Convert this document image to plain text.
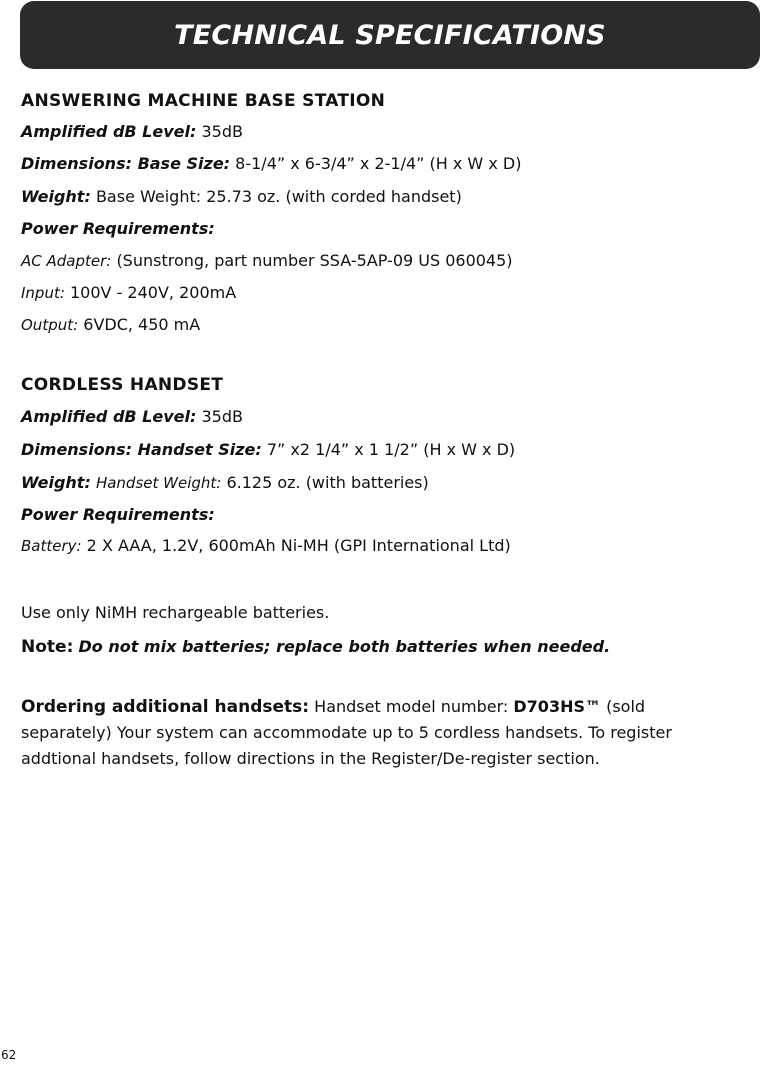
TECHNICAL SPECIFICATIONS
ANSWERING MACHINE BASE STATION
Amplified dB Level: 35dB
Dimensions: Base Size: 8-1/4” x 6-3/4” x 2-1/4” (H x W x D)
Weight: Base Weight: 25.73 oz. (with corded handset)
Power Requirements:
AC Adapter: (Sunstrong, part number SSA-5AP-09 US 060045)
Input: 100V - 240V, 200mA
Output: 6VDC, 450 mA
CORDLESS HANDSET
Amplified dB Level: 35dB
Dimensions: Handset Size: 7” x2 1/4” x 1 1/2” (H x W x D)
Weight: Handset Weight: 6.125 oz. (with batteries)
Power Requirements:
Battery: 2 X AAA, 1.2V, 600mAh Ni-MH (GPI International Ltd)
Use only NiMH rechargeable batteries.
Note: Do not mix batteries; replace both batteries when needed.
Ordering additional handsets: Handset model number: D703HS™ (sold separately) Your system can accommodate up to 5 cordless handsets. To register addtional handsets, follow directions in the Register/De-register section.
62
